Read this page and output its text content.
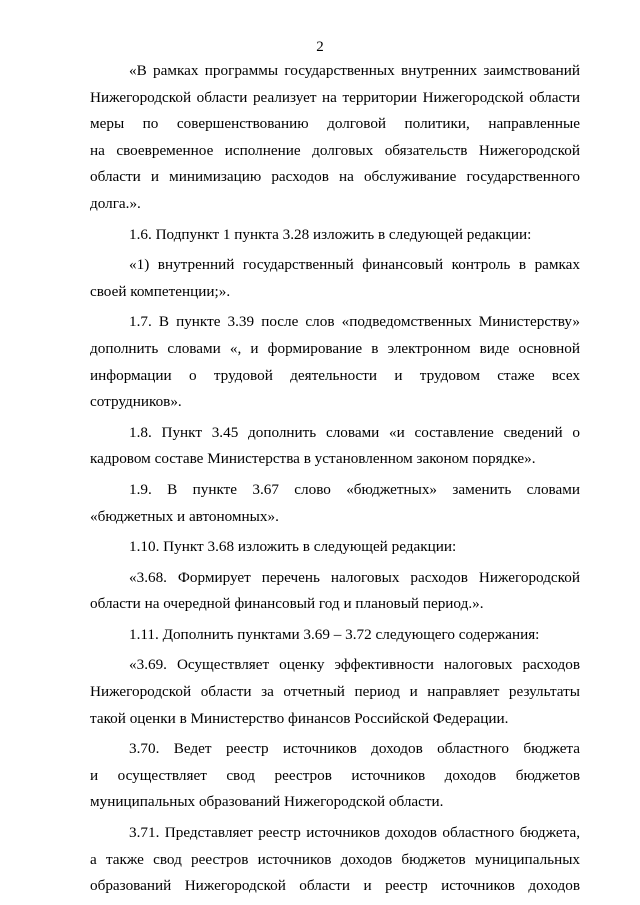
2

«В рамках программы государственных внутренних заимствований
Нижегородской области реализует на территории Нижегородской области
меры по совершенствованию долговой политики, направленные
на своевременное исполнение долговых обязательств Нижегородской
области и минимизацию расходов на обслуживание государственного
долга.».

1.6. Подпункт 1 пункта 3.28 изложить в следующей редакции:

«1) внутренний государственный финансовый контроль в рамках
своей компетенции;».

1.7. В пункте 3.39 после слов «подведомственных Министерству»
дополнить словами «, и формирование в электронном виде основной
информации о трудовой деятельности и трудовом стаже всех
сотрудников».

1.8. Пункт 3.45 дополнить словами «и составление сведений о
кадровом составе Министерства в установленном законом порядке».

1.9. В пункте 3.67 слово «бюджетных» заменить словами
«бюджетных и автономных».

1.10. Пункт 3.68 изложить в следующей редакции:

«3.68. Формирует перечень налоговых расходов Нижегородской
области на очередной финансовый год и плановый период.».

1.11. Дополнить пунктами 3.69 – 3.72 следующего содержания:

«3.69. Осуществляет оценку эффективности налоговых расходов
Нижегородской области за отчетный период и направляет результаты
такой оценки в Министерство финансов Российской Федерации.

3.70. Ведет реестр источников доходов областного бюджета
и осуществляет свод реестров источников доходов бюджетов
муниципальных образований Нижегородской области.

3.71. Представляет реестр источников доходов областного бюджета,
а также свод реестров источников доходов бюджетов муниципальных
образований Нижегородской области и реестр источников доходов
